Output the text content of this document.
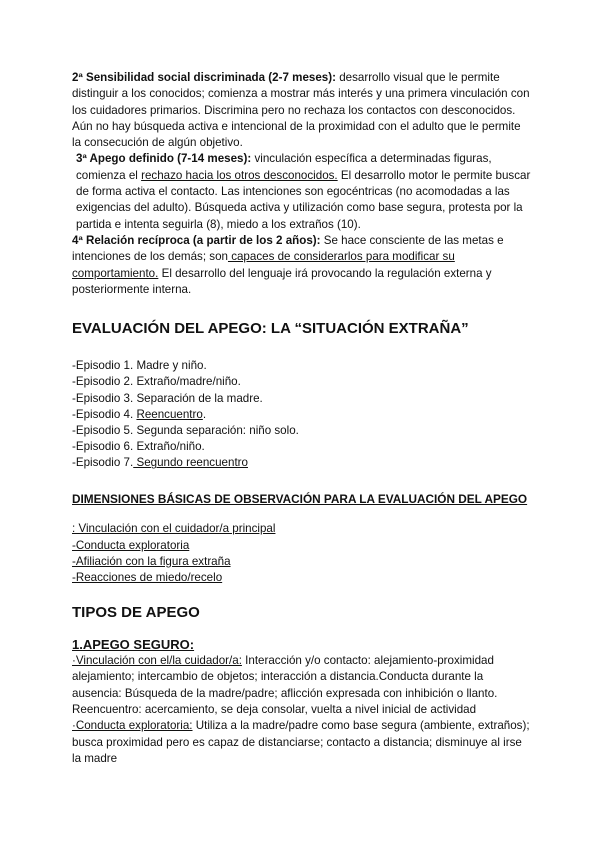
2ª Sensibilidad social discriminada (2-7 meses): desarrollo visual que le permite distinguir a los conocidos; comienza a mostrar más interés y una primera vinculación con los cuidadores primarios. Discrimina pero no rechaza los contactos con desconocidos. Aún no hay búsqueda activa e intencional de la proximidad con el adulto que le permite la consecución de algún objetivo.

3ª Apego definido (7-14 meses): vinculación específica a determinadas figuras, comienza el rechazo hacia los otros desconocidos. El desarrollo motor le permite buscar de forma activa el contacto. Las intenciones son egocéntricas (no acomodadas a las exigencias del adulto). Búsqueda activa y utilización como base segura, protesta por la partida e intenta seguirla (8), miedo a los extraños (10).

4ª Relación recíproca (a partir de los 2 años): Se hace consciente de las metas e intenciones de los demás; son capaces de considerarlos para modificar su comportamiento. El desarrollo del lenguaje irá provocando la regulación externa y posteriormente interna.

EVALUACIÓN DEL APEGO: LA “SITUACIÓN EXTRAÑA”
-Episodio 1. Madre y niño.
-Episodio 2. Extraño/madre/niño.
-Episodio 3. Separación de la madre.
-Episodio 4. Reencuentro.
-Episodio 5. Segunda separación: niño solo.
-Episodio 6. Extraño/niño.
-Episodio 7. Segundo reencuentro
DIMENSIONES BÁSICAS DE OBSERVACIÓN PARA LA EVALUACIÓN DEL APEGO
: Vinculación con el cuidador/a principal
-Conducta exploratoria
-Afiliación con la figura extraña
-Reacciones de miedo/recelo
TIPOS DE APEGO
1.APEGO SEGURO:

·Vinculación con el/la cuidador/a: Interacción y/o contacto: alejamiento-proximidad alejamiento; intercambio de objetos; interacción a distancia.Conducta durante la ausencia: Búsqueda de la madre/padre; aflicción expresada con inhibición o llanto. Reencuentro: acercamiento, se deja consolar, vuelta a nivel inicial de actividad

·Conducta exploratoria: Utiliza a la madre/padre como base segura (ambiente, extraños); busca proximidad pero es capaz de distanciarse; contacto a distancia; disminuye al irse la madre
